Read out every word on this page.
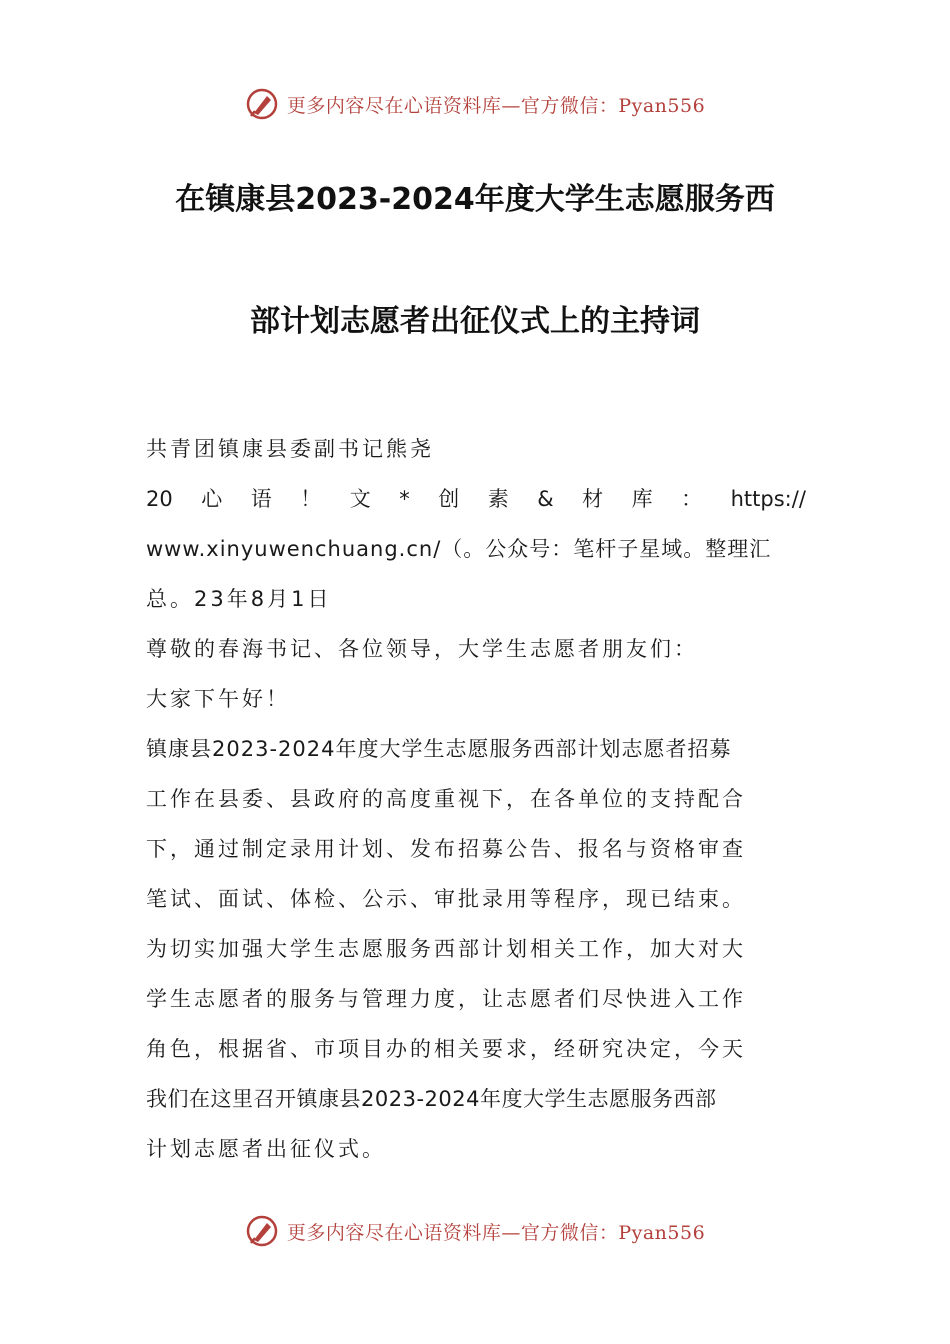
更多内容尽在心语资料库—官方微信：Pyan556
在镇康县2023-2024年度大学生志愿服务西
部计划志愿者出征仪式上的主持词
共青团镇康县委副书记熊尧
20 心 语 ！ 文 * 创 素 & 材 库 ： https://
www.xinyuwenchuang.cn/（。公众号：笔杆子星域。整理汇
总。23年8月1日
尊敬的春海书记、各位领导，大学生志愿者朋友们：
大家下午好！
镇康县2023-2024年度大学生志愿服务西部计划志愿者招募
工作在县委、县政府的高度重视下，在各单位的支持配合
下，通过制定录用计划、发布招募公告、报名与资格审查
笔试、面试、体检、公示、审批录用等程序，现已结束。
为切实加强大学生志愿服务西部计划相关工作，加大对大
学生志愿者的服务与管理力度，让志愿者们尽快进入工作
角色，根据省、市项目办的相关要求，经研究决定，今天
我们在这里召开镇康县2023-2024年度大学生志愿服务西部
计划志愿者出征仪式。
更多内容尽在心语资料库—官方微信：Pyan556
